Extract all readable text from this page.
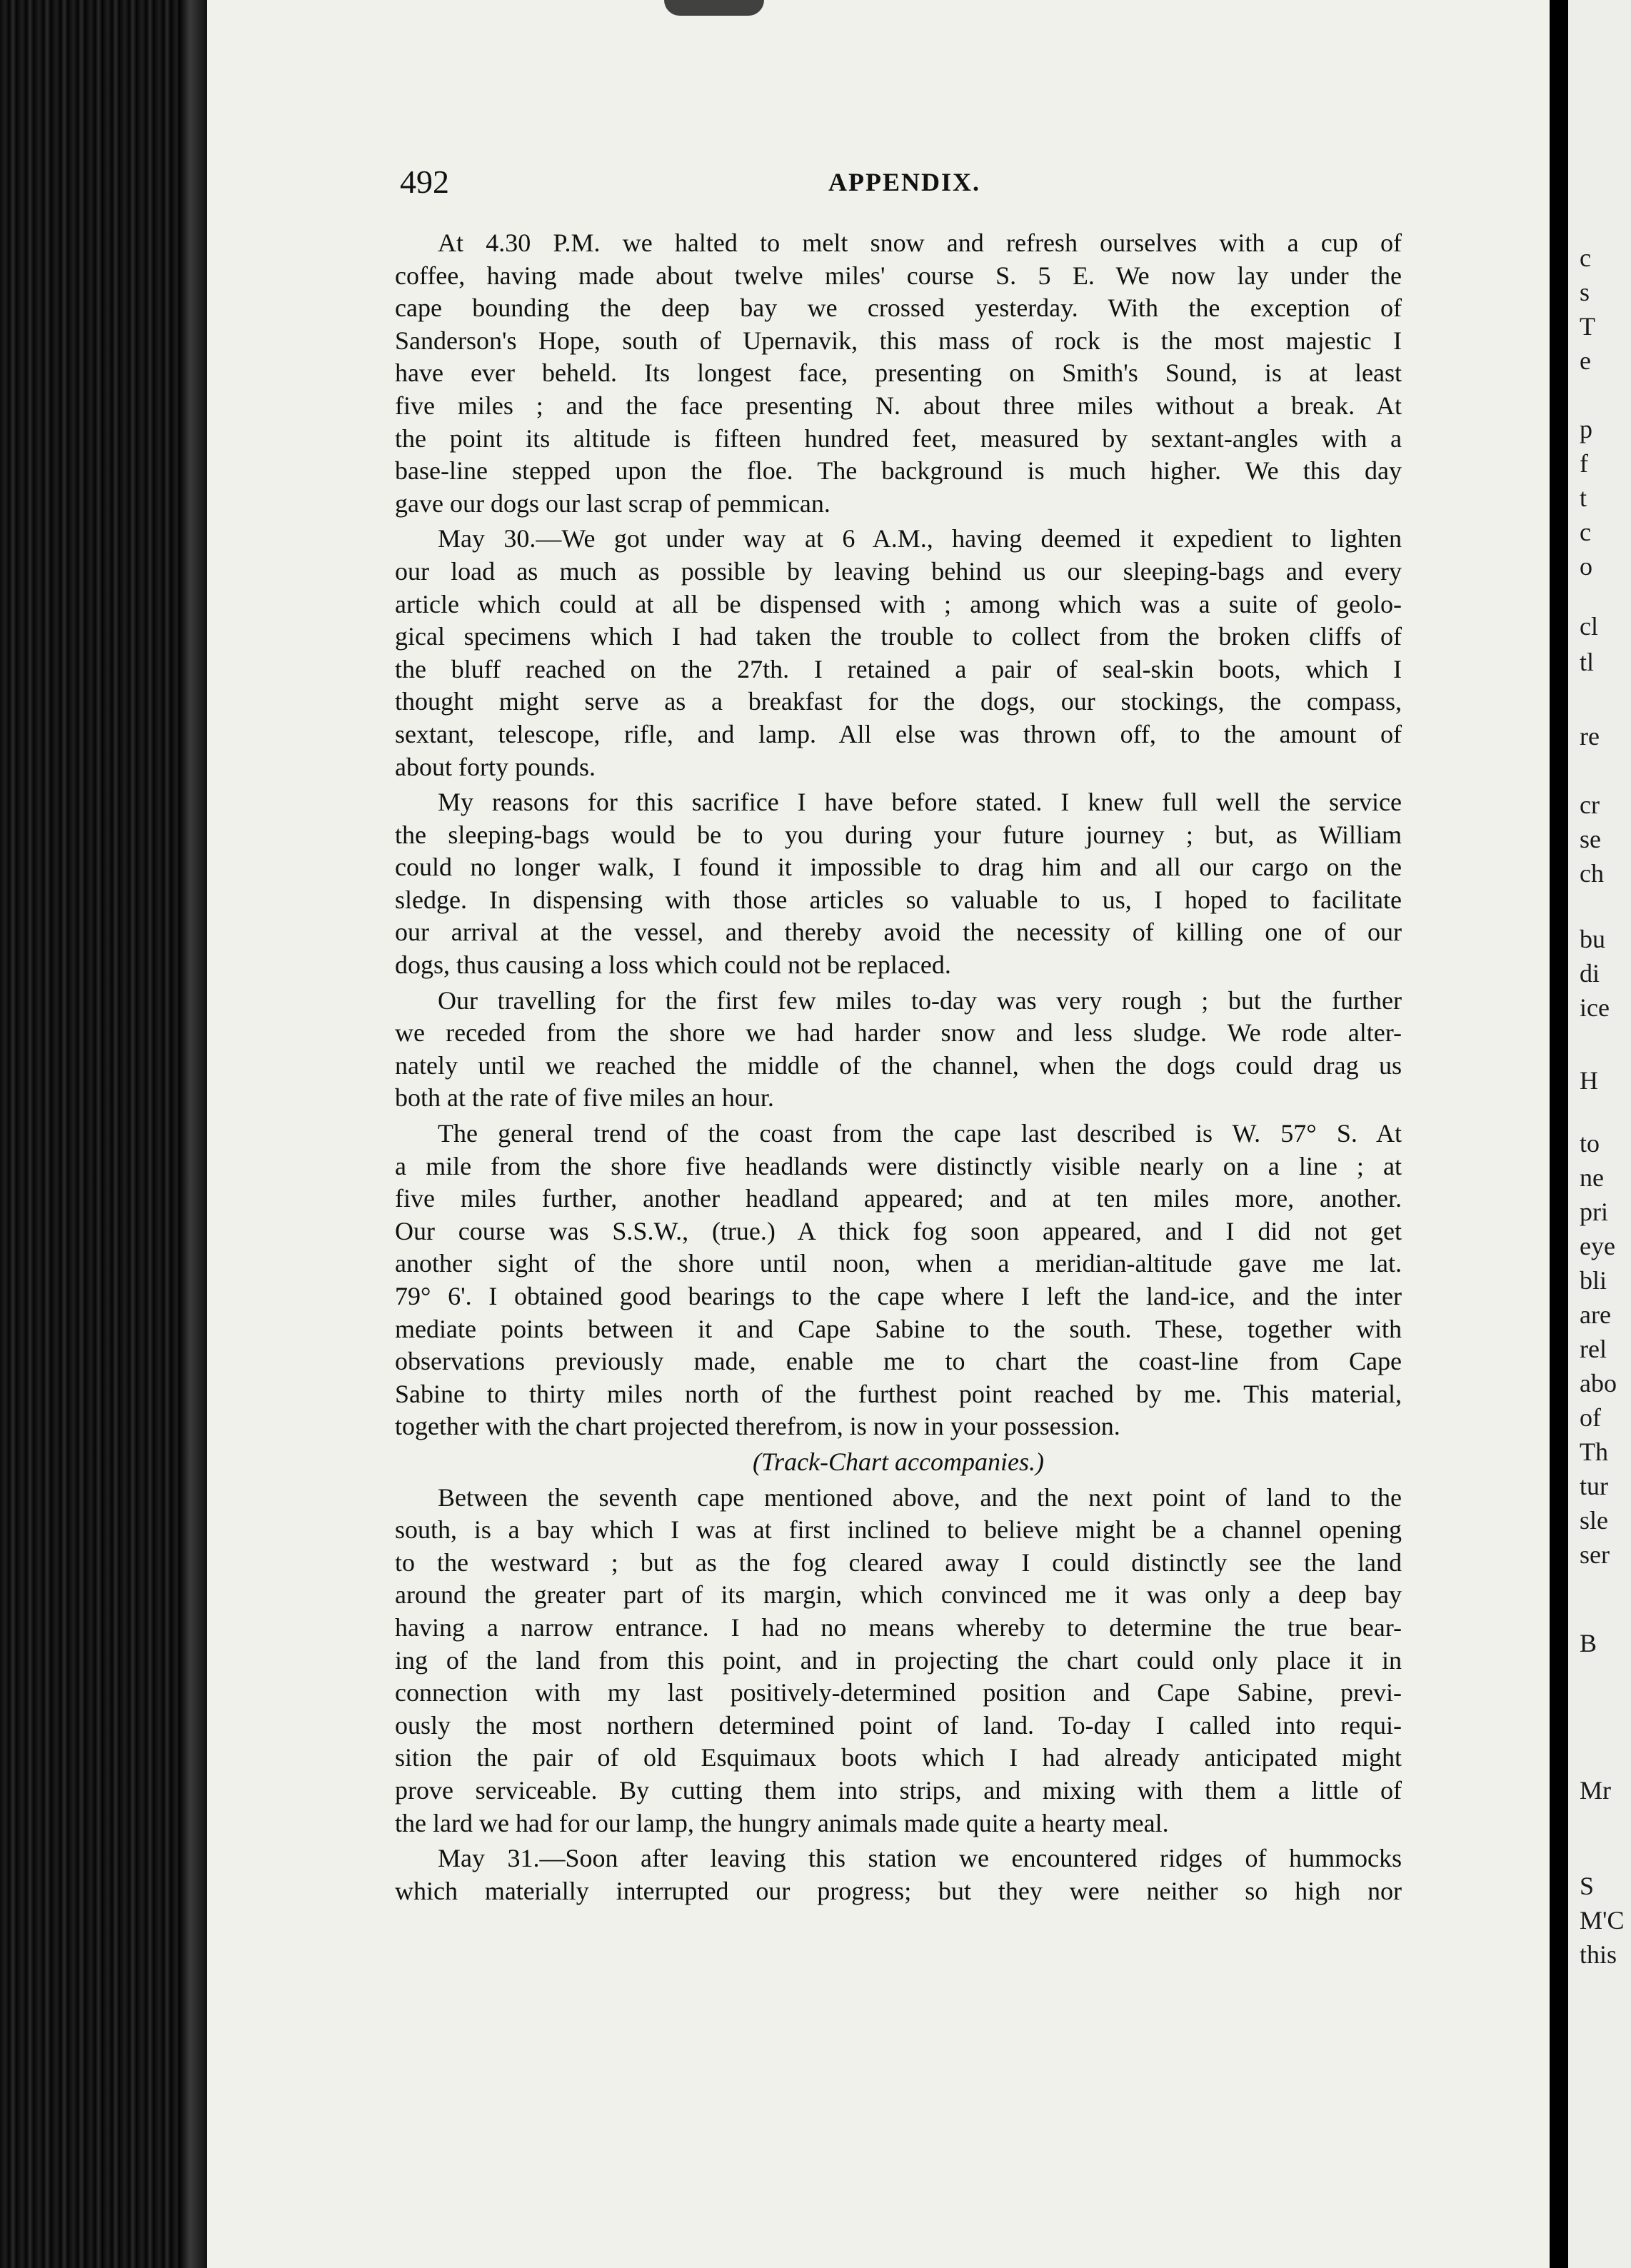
492	APPENDIX.

At 4.30 P.M. we halted to melt snow and refresh ourselves with a cup of

coffee, having made about twelve miles' course S. 5 E. We now lay under the

cape bounding the deep bay we crossed yesterday. With the exception of

Sanderson's Hope, south of Upernavik, this mass of rock is the most majestic I

have ever beheld. Its longest face, presenting on Smith's Sound, is at least

five miles ; and the face presenting N. about three miles without a break. At

the point its altitude is fifteen hundred feet, measured by sextant-angles with a

base-line stepped upon the floe. The background is much higher. We this day

gave our dogs our last scrap of pemmican.

May 30.—We got under way at 6 A.M., having deemed it expedient to lighten

our load as much as possible by leaving behind us our sleeping-bags and every

article which could at all be dispensed with ; among which was a suite of geolo-

gical specimens which I had taken the trouble to collect from the broken cliffs of

the bluff reached on the 27th. I retained a pair of seal-skin boots, which I

thought might serve as a breakfast for the dogs, our stockings, the compass,

sextant, telescope, rifle, and lamp. All else was thrown off, to the amount of

about forty pounds.

My reasons for this sacrifice I have before stated. I knew full well the service

the sleeping-bags would be to you during your future journey ; but, as William

could no longer walk, I found it impossible to drag him and all our cargo on the

sledge. In dispensing with those articles so valuable to us, I hoped to facilitate

our arrival at the vessel, and thereby avoid the necessity of killing one of our

dogs, thus causing a loss which could not be replaced.

Our travelling for the first few miles to-day was very rough ; but the further

we receded from the shore we had harder snow and less sludge. We rode alter-

nately until we reached the middle of the channel, when the dogs could drag us

both at the rate of five miles an hour.

The general trend of the coast from the cape last described is W. 57° S. At

a mile from the shore five headlands were distinctly visible nearly on a line ; at

five miles further, another headland appeared; and at ten miles more, another.

Our course was S.S.W., (true.) A thick fog soon appeared, and I did not get

another sight of the shore until noon, when a meridian-altitude gave me lat.

79° 6'. I obtained good bearings to the cape where I left the land-ice, and the inter

mediate points between it and Cape Sabine to the south. These, together with

observations previously made, enable me to chart the coast-line from Cape

Sabine to thirty miles north of the furthest point reached by me. This material,

together with the chart projected therefrom, is now in your possession.

(Track-Chart accompanies.)

Between the seventh cape mentioned above, and the next point of land to the

south, is a bay which I was at first inclined to believe might be a channel opening

to the westward ; but as the fog cleared away I could distinctly see the land

around the greater part of its margin, which convinced me it was only a deep bay

having a narrow entrance. I had no means whereby to determine the true bear-

ing of the land from this point, and in projecting the chart could only place it in

connection with my last positively-determined position and Cape Sabine, previ-

ously the most northern determined point of land. To-day I called into requi-

sition the pair of old Esquimaux boots which I had already anticipated might

prove serviceable. By cutting them into strips, and mixing with them a little of

the lard we had for our lamp, the hungry animals made quite a hearty meal.

May 31.—Soon after leaving this station we encountered ridges of hummocks

which materially interrupted our progress; but they were neither so high nor

c

s

T

e

p

f

t

c

o

cl

tl

re

cr

se

ch

bu

di

ice

H

to

ne

pri

eye

bli

are

rel

abo

of

Th

tur

sle

ser

B

Mr

S

M'C

this
